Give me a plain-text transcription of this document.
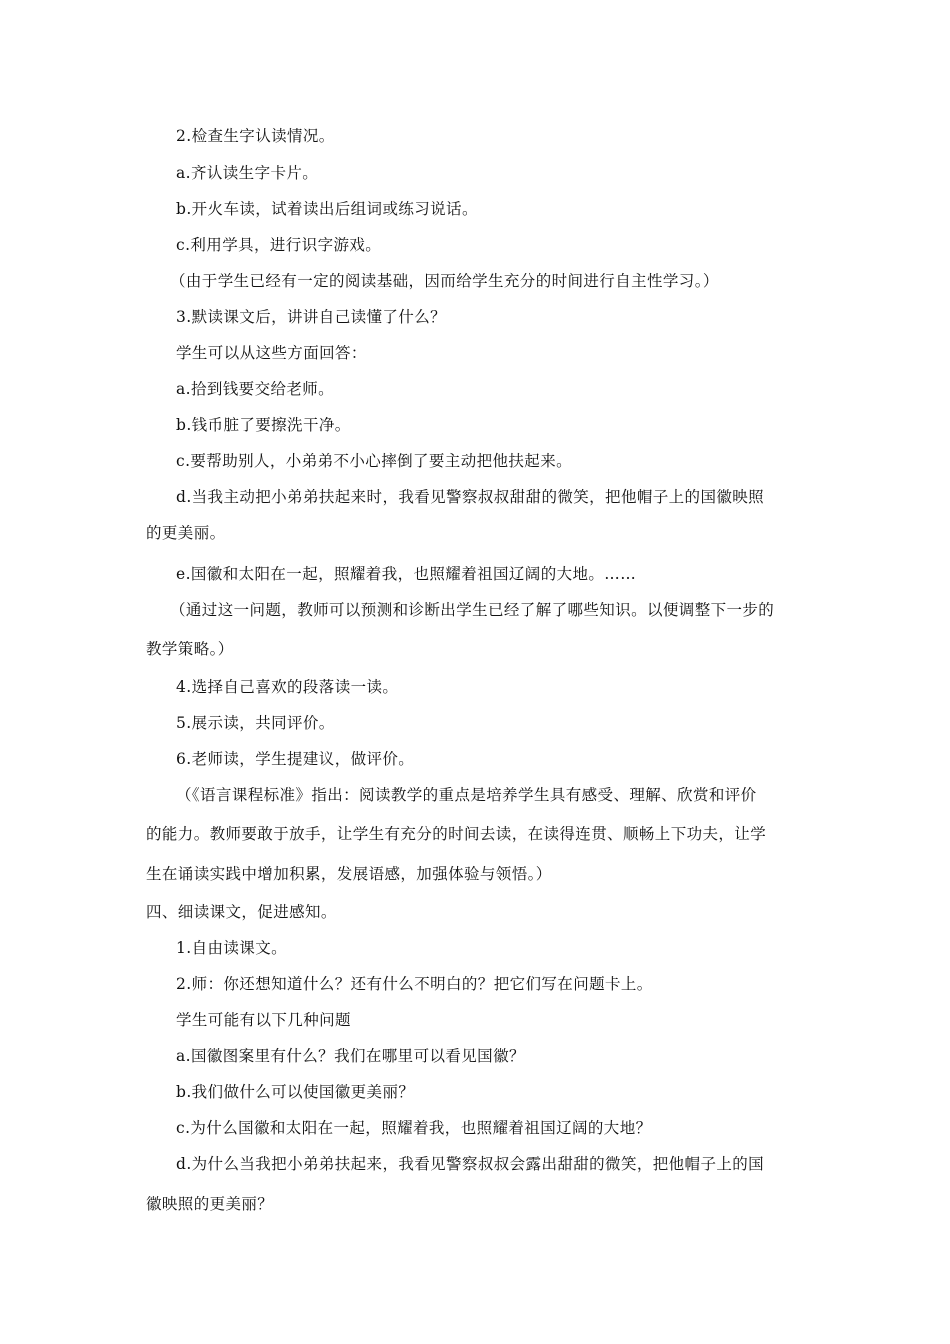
2.检查生字认读情况。
a.齐认读生字卡片。
b.开火车读，试着读出后组词或练习说话。
c.利用学具，进行识字游戏。
（由于学生已经有一定的阅读基础，因而给学生充分的时间进行自主性学习。）
3.默读课文后，讲讲自己读懂了什么？
学生可以从这些方面回答：
a.拾到钱要交给老师。
b.钱币脏了要擦洗干净。
c.要帮助别人，小弟弟不小心摔倒了要主动把他扶起来。
d.当我主动把小弟弟扶起来时，我看见警察叔叔甜甜的微笑，把他帽子上的国徽映照
的更美丽。
e.国徽和太阳在一起，照耀着我，也照耀着祖国辽阔的大地。……
（通过这一问题，教师可以预测和诊断出学生已经了解了哪些知识。以便调整下一步的
教学策略。）
4.选择自己喜欢的段落读一读。
5.展示读，共同评价。
6.老师读，学生提建议，做评价。
（《语言课程标准》指出：阅读教学的重点是培养学生具有感受、理解、欣赏和评价
的能力。教师要敢于放手，让学生有充分的时间去读，在读得连贯、顺畅上下功夫，让学
生在诵读实践中增加积累，发展语感，加强体验与领悟。）
四、细读课文，促进感知。
1.自由读课文。
2.师：你还想知道什么？还有什么不明白的？把它们写在问题卡上。
学生可能有以下几种问题
a.国徽图案里有什么？我们在哪里可以看见国徽？
b.我们做什么可以使国徽更美丽？
c.为什么国徽和太阳在一起，照耀着我，也照耀着祖国辽阔的大地？
d.为什么当我把小弟弟扶起来，我看见警察叔叔会露出甜甜的微笑，把他帽子上的国
徽映照的更美丽？
